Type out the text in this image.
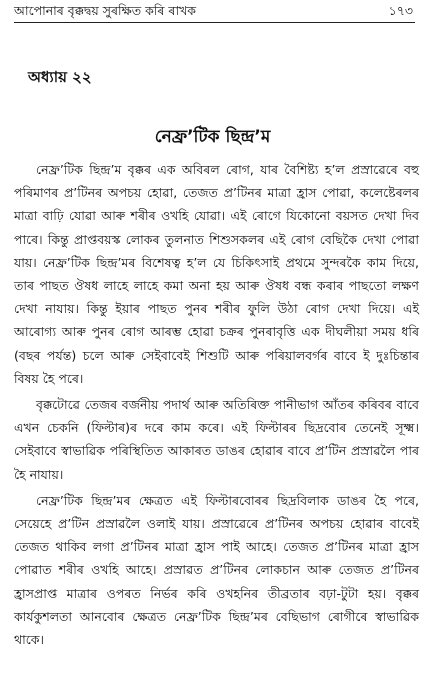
আপোনাৰ বৃক্কদ্বয় সুৰক্ষিত কৰি ৰাখক	১৭৩
অধ্যায় ২২
নেফ্ৰ’টিক ছিন্দ্ৰ’ম

নেফ্ৰ’টিক ছিন্দ্ৰ’ম বৃক্কৰ এক অবিৰল ৰোগ, যাৰ বৈশিষ্ট্য হ’ল প্ৰস্ৰাৱেৰে বহু পৰিমাণৰ প্ৰ’টিনৰ অপচয় হোৱা, তেজত প্ৰ’টিনৰ মাত্ৰা হ্ৰাস পোৱা, কলেষ্টেৰলৰ মাত্ৰা বাঢ়ি যোৱা আৰু শৰীৰ ওখহি যোৱা। এই ৰোগে যিকোনো বয়সত দেখা দিব পাৰে। কিন্তু প্ৰাপ্তবয়স্ক লোকৰ তুলনাত শিশুসকলৰ এই ৰোগ বেছিকৈ দেখা পোৱা যায়। নেফ্ৰ’টিক ছিন্দ্ৰ’মৰ বিশেষত্ব হ’ল যে চিকিৎসাই প্ৰথমে সুন্দৰকৈ কাম দিয়ে, তাৰ পাছত ঔষধ লাহে লাহে কমা অনা হয় আৰু ঔষধ বন্ধ কৰাৰ পাছতো লক্ষণ দেখা নাযায়। কিন্তু ইয়াৰ পাছত পুনৰ শৰীৰ ফুলি উঠা ৰোগ দেখা দিয়ে। এই আৰোগ্য আৰু পুনৰ ৰোগ আৰম্ভ হোৱা চক্ৰৰ পুনৰাবৃত্তি এক দীঘলীয়া সময় ধৰি (বছৰ পৰ্যন্ত) চলে আৰু সেইবাবেই শিশুটি আৰু পৰিয়ালবৰ্গৰ বাবে ই দুঃচিন্তাৰ বিষয় হৈ পৰে।

বৃক্কটোৱে তেজৰ বৰ্জনীয় পদাৰ্থ আৰু অতিৰিক্ত পানীভাগ আঁতৰ কৰিবৰ বাবে এখন চেকনি (ফিল্টাৰ)ৰ দৰে কাম কৰে। এই ফিল্টাৰৰ ছিদ্ৰবোৰ তেনেই সূক্ষ্ম। সেইবাবে স্বাভাৱিক পৰিস্থিতিত আকাৰত ডাঙৰ হোৱাৰ বাবে প্ৰ’টিন প্ৰস্ৰাৱলৈ পাৰ হৈ নাযায়।

নেফ্ৰ’টিক ছিন্দ্ৰ’মৰ ক্ষেত্ৰত এই ফিল্টাৰবোৰৰ ছিদ্ৰবিলাক ডাঙৰ হৈ পৰে, সেয়েহে প্ৰ’টিন প্ৰস্ৰাৱলৈ ওলাই যায়। প্ৰস্ৰাৱেৰে প্ৰ’টিনৰ অপচয় হোৱাৰ বাবেই তেজত থাকিব লগা প্ৰ’টিনৰ মাত্ৰা হ্ৰাস পাই আহে। তেজত প্ৰ’টিনৰ মাত্ৰা হ্ৰাস পোৱাত শৰীৰ ওখহি আহে। প্ৰস্ৰাৱত প্ৰ’টিনৰ লোকচান আৰু তেজত প্ৰ’টিনৰ হ্ৰাসপ্ৰাপ্ত মাত্ৰাৰ ওপৰত নিৰ্ভৰ কৰি ওখহনিৰ তীব্ৰতাৰ বঢ়া-টুটা হয়। বৃক্কৰ কাৰ্যকুশলতা আনবোৰ ক্ষেত্ৰত নেফ্ৰ’টিক ছিন্দ্ৰ’মৰ বেছিভাগ ৰোগীৰে স্বাভাৱিক থাকে।
